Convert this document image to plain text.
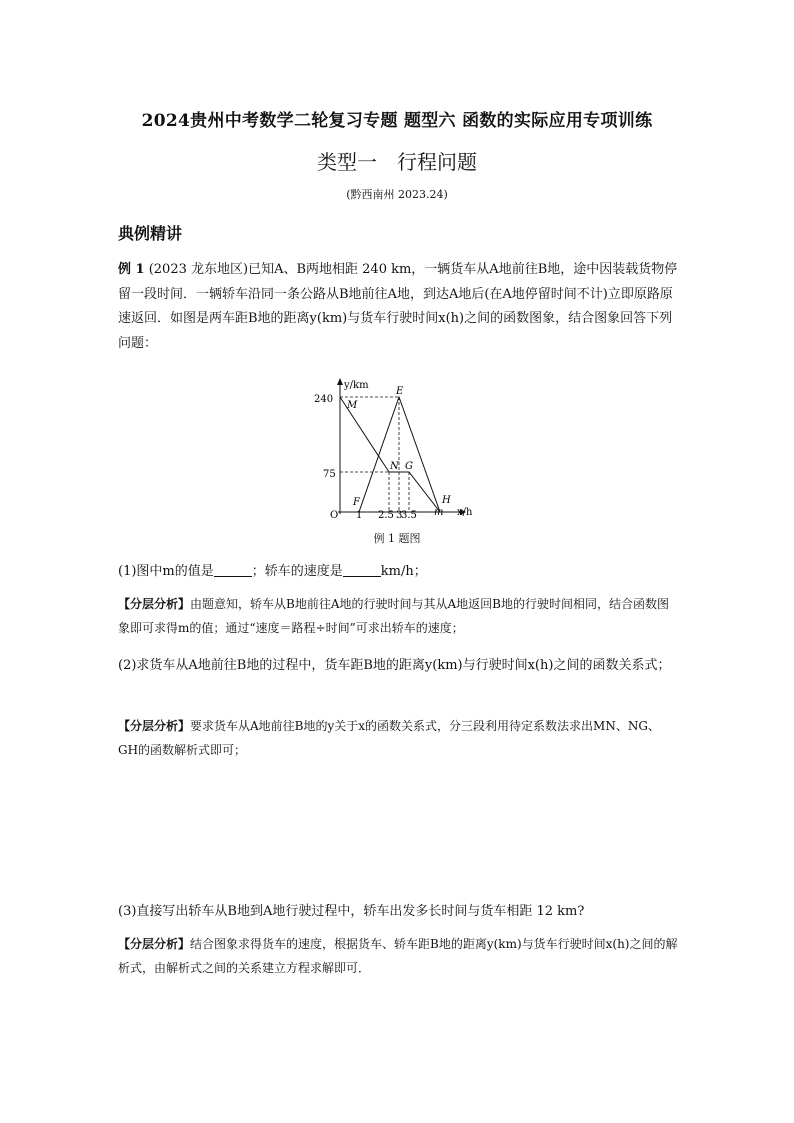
2024贵州中考数学二轮复习专题 题型六 函数的实际应用专项训练
类型一　行程问题
(黔西南州 2023.24)
典例精讲
例 1 (2023 龙东地区)已知A、B两地相距 240 km，一辆货车从A地前往B地，途中因装载货物停留一段时间．一辆轿车沿同一条公路从B地前往A地，到达A地后(在A地停留时间不计)立即原路原速返回．如图是两车距B地的距离y(km)与货车行驶时间x(h)之间的函数图象，结合图象回答下列问题：
y/km
x/h
O
240
75
1 2.5 3
3.5 m
M
E
N G
F	H
例 1 题图
(1)图中m的值是	；轿车的速度是	km/h；
【分层分析】由题意知，轿车从B地前往A地的行驶时间与其从A地返回B地的行驶时间相同，结合函数图象即可求得m的值；通过“速度＝路程÷时间”可求出轿车的速度；
(2)求货车从A地前往B地的过程中，货车距B地的距离y(km)与行驶时间x(h)之间的函数关系式；
【分层分析】要求货车从A地前往B地的y关于x的函数关系式，分三段利用待定系数法求出MN、NG、GH的函数解析式即可；
(3)直接写出轿车从B地到A地行驶过程中，轿车出发多长时间与货车相距 12 km?
【分层分析】结合图象求得货车的速度，根据货车、轿车距B地的距离y(km)与货车行驶时间x(h)之间的解析式，由解析式之间的关系建立方程求解即可．
